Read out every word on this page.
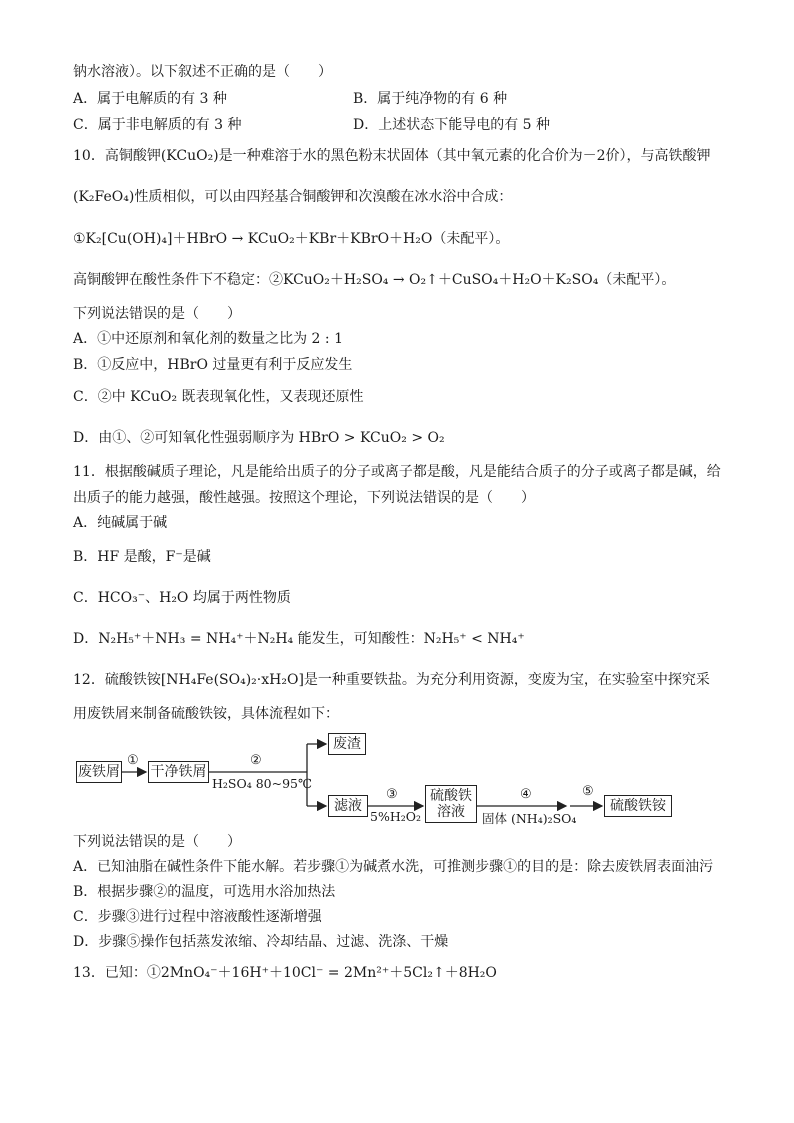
钠水溶液）。以下叙述不正确的是（　　）
A．属于电解质的有 3 种	B．属于纯净物的有 6 种
C．属于非电解质的有 3 种	D．上述状态下能导电的有 5 种
10．高铜酸钾(KCuO₂)是一种难溶于水的黑色粉末状固体（其中氧元素的化合价为－2价），与高铁酸钾
(K₂FeO₄)性质相似，可以由四羟基合铜酸钾和次溴酸在冰水浴中合成：
①K₂[Cu(OH)₄]＋HBrO → KCuO₂＋KBr＋KBrO＋H₂O（未配平）。
高铜酸钾在酸性条件下不稳定：②KCuO₂＋H₂SO₄ → O₂↑＋CuSO₄＋H₂O＋K₂SO₄（未配平）。
下列说法错误的是（　　）
A．①中还原剂和氧化剂的数量之比为 2 : 1
B．①反应中，HBrO 过量更有利于反应发生
C．②中 KCuO₂ 既表现氧化性，又表现还原性
D．由①、②可知氧化性强弱顺序为 HBrO > KCuO₂ > O₂
11．根据酸碱质子理论，凡是能给出质子的分子或离子都是酸，凡是能结合质子的分子或离子都是碱，给
出质子的能力越强，酸性越强。按照这个理论，下列说法错误的是（　　）
A．纯碱属于碱
B．HF 是酸，F⁻是碱
C．HCO₃⁻、H₂O 均属于两性物质
D．N₂H₅⁺＋NH₃ = NH₄⁺＋N₂H₄ 能发生，可知酸性：N₂H₅⁺ < NH₄⁺
12．硫酸铁铵[NH₄Fe(SO₄)₂·xH₂O]是一种重要铁盐。为充分利用资源，变废为宝，在实验室中探究采
用废铁屑来制备硫酸铁铵，具体流程如下：
废铁屑 干净铁屑
废渣
滤液
硫酸铁
溶液	硫酸铁铵
①	②
H₂SO₄ 80~95℃
③
5%H₂O₂
④
固体 (NH₄)₂SO₄
⑤
下列说法错误的是（　　）
A．已知油脂在碱性条件下能水解。若步骤①为碱煮水洗，可推测步骤①的目的是：除去废铁屑表面油污
B．根据步骤②的温度，可选用水浴加热法
C．步骤③进行过程中溶液酸性逐渐增强
D．步骤⑤操作包括蒸发浓缩、冷却结晶、过滤、洗涤、干燥
13．已知：①2MnO₄⁻＋16H⁺＋10Cl⁻ = 2Mn²⁺＋5Cl₂↑＋8H₂O
